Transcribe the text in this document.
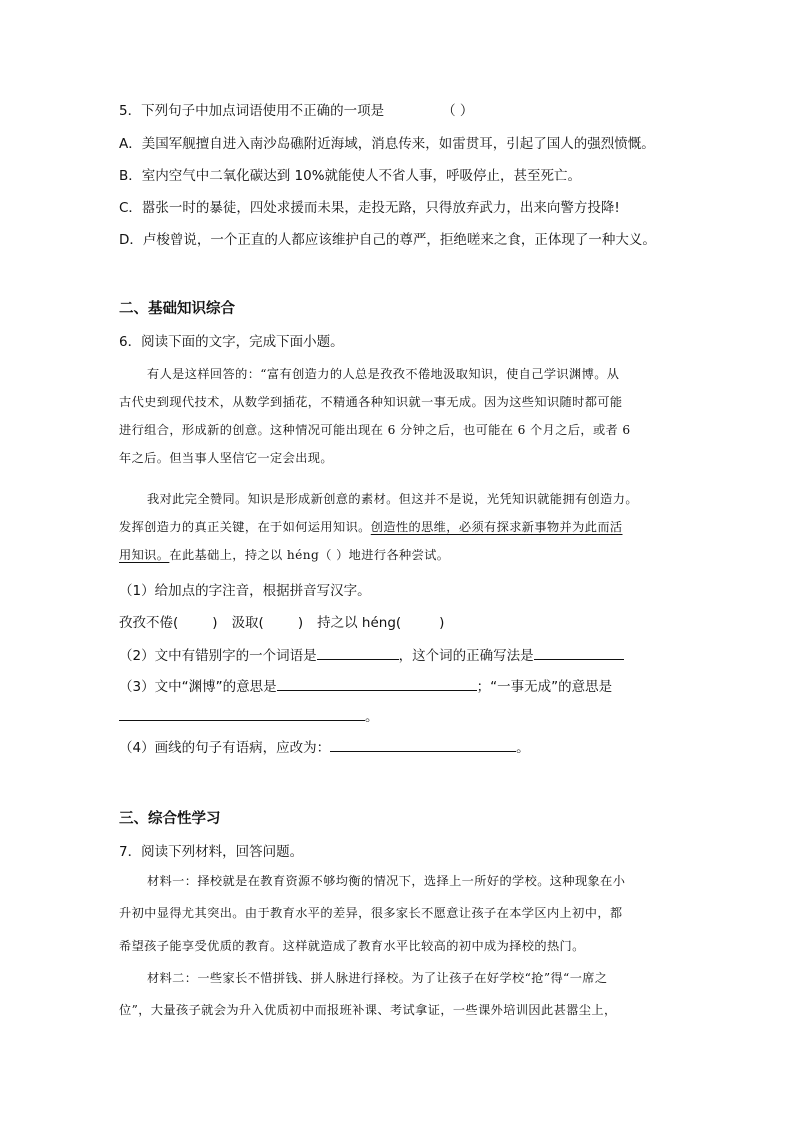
5．下列句子中加点词语使用不正确的一项是	（ ）
A．美国军舰擅自进入南沙岛礁附近海域，消息传来，如雷贯耳，引起了国人的强烈愤慨。
B．室内空气中二氧化碳达到 10%就能使人不省人事，呼吸停止，甚至死亡。
C．嚣张一时的暴徒，四处求援而未果，走投无路，只得放弃武力，出来向警方投降!
D．卢梭曾说，一个正直的人都应该维护自己的尊严，拒绝嗟来之食，正体现了一种大义。
二、基础知识综合
6．阅读下面的文字，完成下面小题。
有人是这样回答的：“富有创造力的人总是孜孜不倦地汲取知识，使自己学识渊博。从
古代史到现代技术，从数学到插花，不精通各种知识就一事无成。因为这些知识随时都可能
进行组合，形成新的创意。这种情况可能出现在 6 分钟之后，也可能在 6 个月之后，或者 6
年之后。但当事人坚信它一定会出现。
我对此完全赞同。知识是形成新创意的素材。但这并不是说，光凭知识就能拥有创造力。
发挥创造力的真正关键，在于如何运用知识。创造性的思维，必须有探求新事物并为此而活
用知识。在此基础上，持之以 héng（ ）地进行各种尝试。
（1）给加点的字注音，根据拼音写汉字。
孜孜不倦(	) 汲取(	) 持之以 héng(	)
（2）文中有错别字的一个词语是	，这个词的正确写法是
（3）文中“渊博”的意思是	；“一事无成”的意思是
。
（4）画线的句子有语病，应改为：	。
三、综合性学习
7．阅读下列材料，回答问题。
材料一：择校就是在教育资源不够均衡的情况下，选择上一所好的学校。这种现象在小
升初中显得尤其突出。由于教育水平的差异，很多家长不愿意让孩子在本学区内上初中，都
希望孩子能享受优质的教育。这样就造成了教育水平比较高的初中成为择校的热门。
材料二：一些家长不惜拼钱、拼人脉进行择校。为了让孩子在好学校“抢”得“一席之
位”，大量孩子就会为升入优质初中而报班补课、考试拿证，一些课外培训因此甚嚣尘上，
